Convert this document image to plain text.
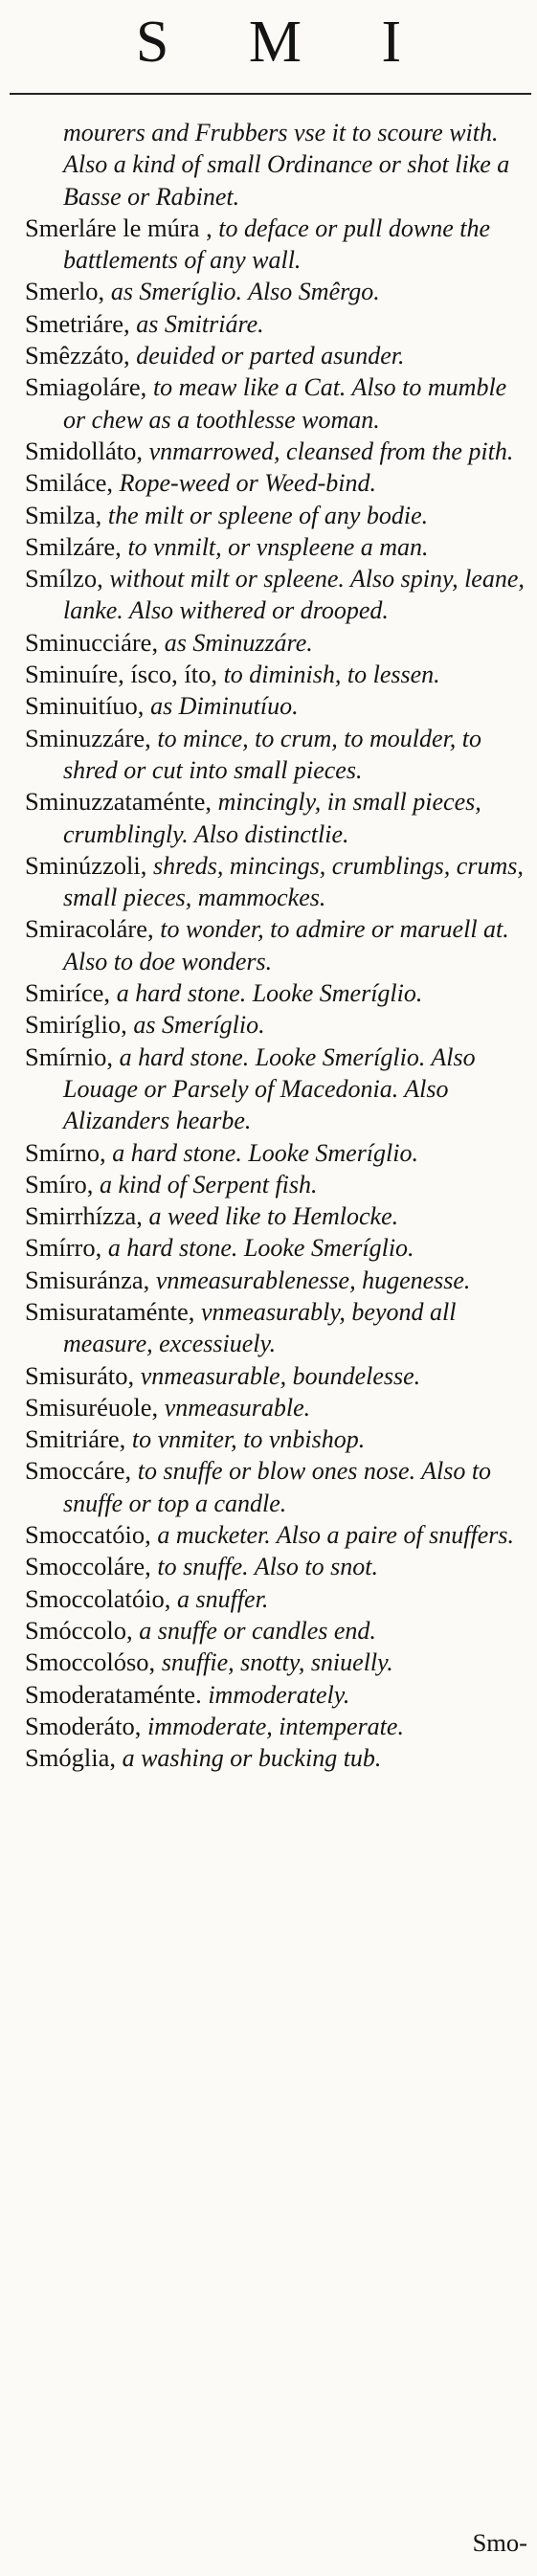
S M I

mourers and Frubbers vse it to scoure with. Also a kind of small Ordinance or shot like a Basse or Rabinet.

Smerláre le múra , to deface or pull downe the battlements of any wall.

Smerlo, as Smeríglio. Also Smêrgo.

Smetriáre, as Smitriáre.

Smêzzáto, deuided or parted asunder.

Smiagoláre, to meaw like a Cat. Also to mumble or chew as a toothlesse woman.

Smidolláto, vnmarrowed, cleansed from the pith.

Smiláce, Rope-weed or Weed-bind.

Smilza, the milt or spleene of any bodie.

Smilzáre, to vnmilt, or vnspleene a man.

Smílzo, without milt or spleene. Also spiny, leane, lanke. Also withered or drooped.

Sminucciáre, as Sminuzzáre.

Sminuíre, ísco, íto, to diminish, to lessen.

Sminuitíuo, as Diminutíuo.

Sminuzzáre, to mince, to crum, to moulder, to shred or cut into small pieces.

Sminuzzataménte, mincingly, in small pieces, crumblingly. Also distinctlie.

Sminúzzoli, shreds, mincings, crumblings, crums, small pieces, mammockes.

Smiracoláre, to wonder, to admire or maruell at. Also to doe wonders.

Smiríce, a hard stone. Looke Smeríglio.

Smiríglio, as Smeríglio.

Smírnio, a hard stone. Looke Smeríglio. Also Louage or Parsely of Macedonia. Also Alizanders hearbe.

Smírno, a hard stone. Looke Smeríglio.

Smíro, a kind of Serpent fish.

Smirrhízza, a weed like to Hemlocke.

Smírro, a hard stone. Looke Smeríglio.

Smisuránza, vnmeasurablenesse, hugenesse.

Smisurataménte, vnmeasurably, beyond all measure, excessiuely.

Smisuráto, vnmeasurable, boundelesse.

Smisuréuole, vnmeasurable.

Smitriáre, to vnmiter, to vnbishop.

Smoccáre, to snuffe or blow ones nose. Also to snuffe or top a candle.

Smoccatóio, a mucketer. Also a paire of snuffers.

Smoccoláre, to snuffe. Also to snot.

Smoccolatóio, a snuffer.

Smóccolo, a snuffe or candles end.

Smoccolóso, snuffie, snotty, sniuelly.

Smoderataménte. immoderately.

Smoderáto, immoderate, intemperate.

Smóglia, a washing or bucking tub.

Smo-
